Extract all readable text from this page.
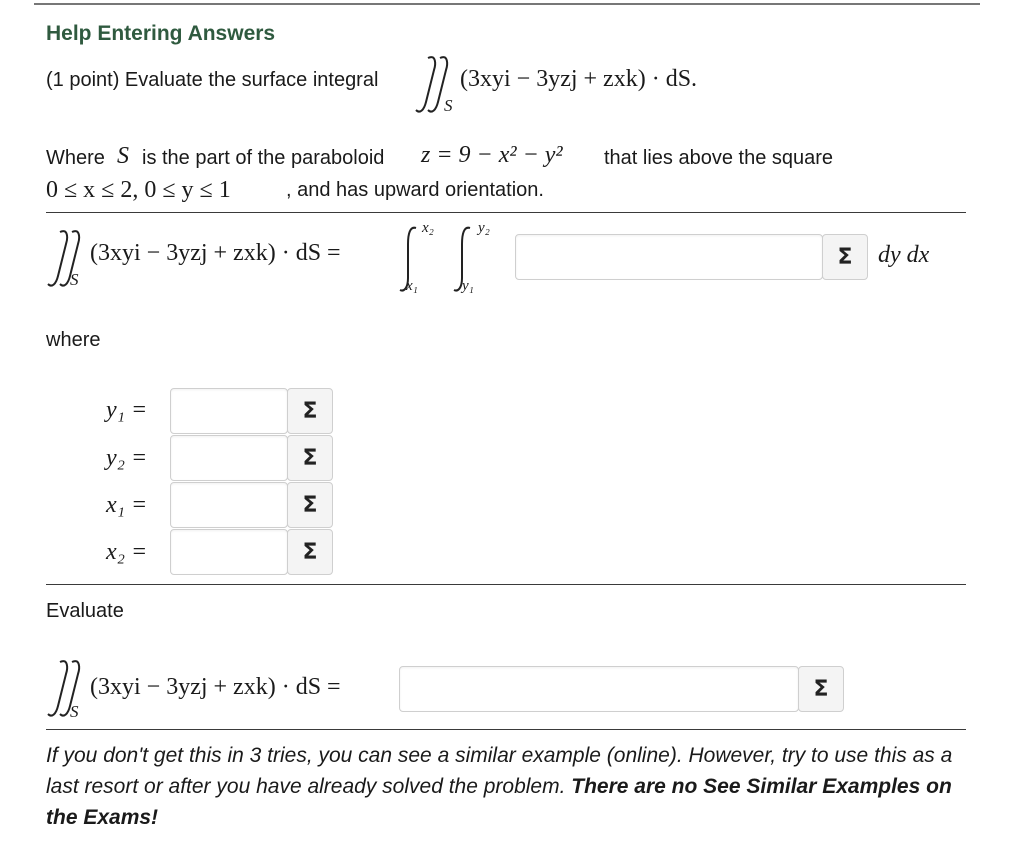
Help Entering Answers
(1 point) Evaluate the surface integral
S
(3xyi − 3yzj + zxk) · dS.
Where S is the part of the paraboloid z = 9 − x² − y² that lies above the square
0 ≤ x ≤ 2, 0 ≤ y ≤ 1	, and has upward orientation.
S
(3xyi − 3yzj + zxk) · dS =
x₂
x₁
y₂
y₁
Σ	dy dx
where
y₁ =	Σ
y₂ =	Σ
x₁ =	Σ
x₂ =	Σ
Evaluate
S
(3xyi − 3yzj + zxk) · dS =	Σ
If you don't get this in 3 tries, you can see a similar example (online). However, try to use this as a last resort or after you have already solved the problem. There are no See Similar Examples on the Exams!
